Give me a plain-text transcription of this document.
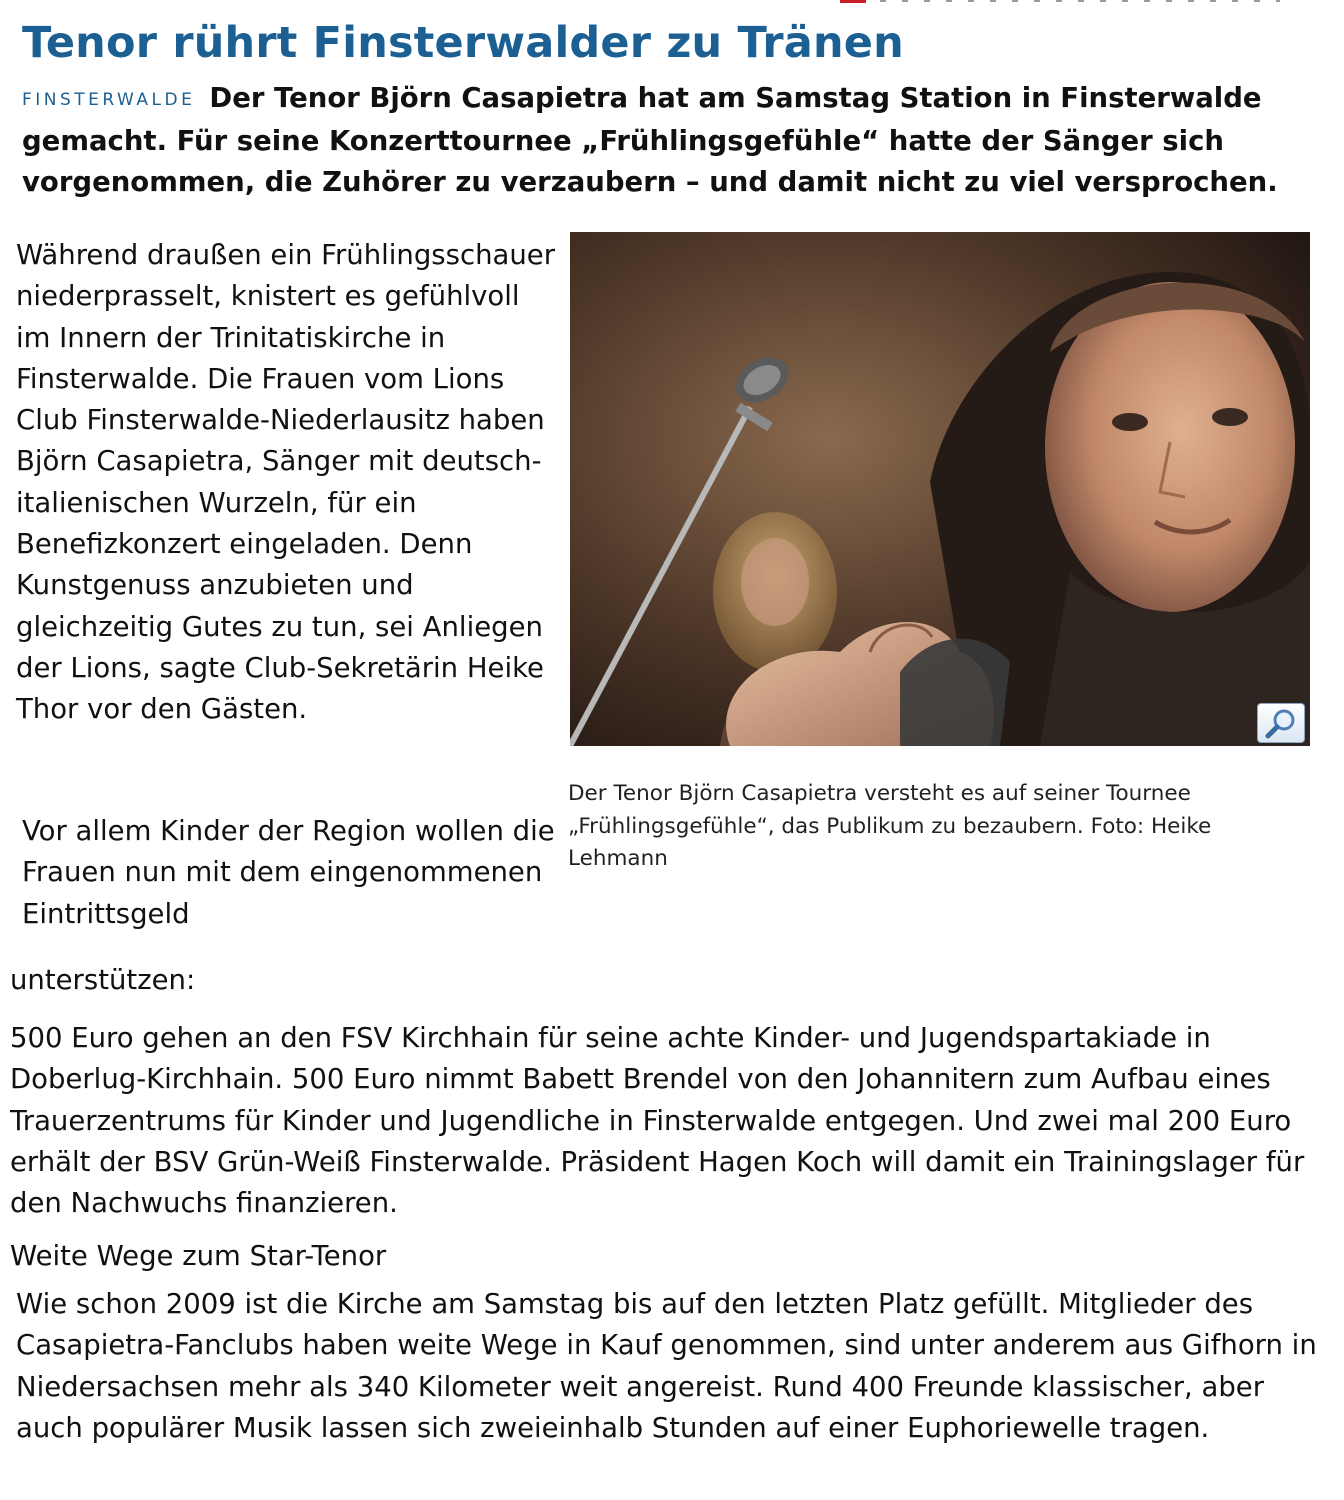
Tenor rührt Finsterwalder zu Tränen

FINSTERWALDE Der Tenor Björn Casapietra hat am Samstag Station in Finsterwalde gemacht. Für seine Konzerttournee „Frühlingsgefühle“ hatte der Sänger sich vorgenommen, die Zuhörer zu verzaubern – und damit nicht zu viel versprochen.

Während draußen ein Frühlingsschauer niederprasselt, knistert es gefühlvoll im Innern der Trinitatiskirche in Finsterwalde. Die Frauen vom Lions Club Finsterwalde-Niederlausitz haben Björn Casapietra, Sänger mit deutsch-italienischen Wurzeln, für ein Benefizkonzert eingeladen. Denn Kunstgenuss anzubieten und gleichzeitig Gutes zu tun, sei Anliegen der Lions, sagte Club-Sekretärin Heike Thor vor den Gästen.

Der Tenor Björn Casapietra versteht es auf seiner Tournee „Frühlingsgefühle“, das Publikum zu bezaubern. Foto: Heike Lehmann

Vor allem Kinder der Region wollen die Frauen nun mit dem eingenommenen Eintrittsgeld

unterstützen:

500 Euro gehen an den FSV Kirchhain für seine achte Kinder- und Jugendspartakiade in Doberlug-Kirchhain. 500 Euro nimmt Babett Brendel von den Johannitern zum Aufbau eines Trauerzentrums für Kinder und Jugendliche in Finsterwalde entgegen. Und zwei mal 200 Euro erhält der BSV Grün-Weiß Finsterwalde. Präsident Hagen Koch will damit ein Trainingslager für den Nachwuchs finanzieren.

Weite Wege zum Star-Tenor

Wie schon 2009 ist die Kirche am Samstag bis auf den letzten Platz gefüllt. Mitglieder des Casapietra-Fanclubs haben weite Wege in Kauf genommen, sind unter anderem aus Gifhorn in Niedersachsen mehr als 340 Kilometer weit angereist. Rund 400 Freunde klassischer, aber auch populärer Musik lassen sich zweieinhalb Stunden auf einer Euphoriewelle tragen.
